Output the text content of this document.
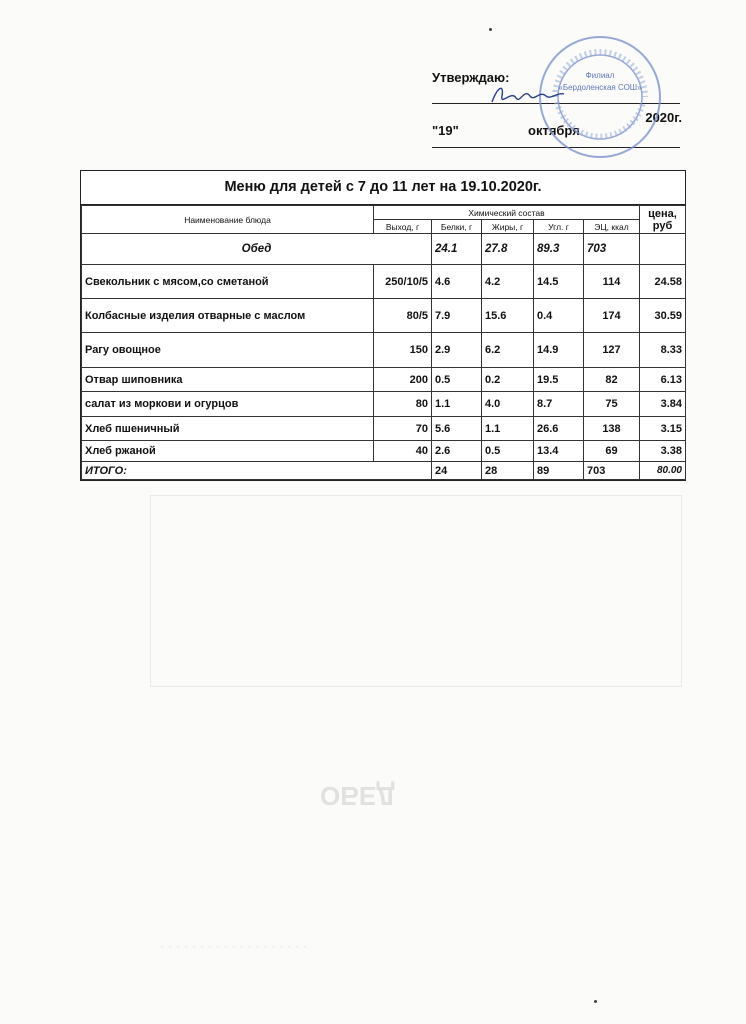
ОБЕД
· · · · · · · · · · · · · · · · · · ·
Утверждаю:
"19"	октября
2020г.
Филиал
«Бердоленская СОШ»
Меню для детей с 7 до 11 лет на 19.10.2020г.
Наименование блюда	Химический состав					цена, руб
	Выход, г	Белки, г	Жиры, г	Угл. г	ЭЦ, ккал	
Обед		24.1	27.8	89.3	703	
Свекольник с мясом,со сметаной	250/10/5	4.6	4.2	14.5	114	24.58
Колбасные изделия отварные с маслом	80/5	7.9	15.6	0.4	174	30.59
Рагу овощное	150	2.9	6.2	14.9	127	8.33
Отвар шиповника	200	0.5	0.2	19.5	82	6.13
салат из моркови и огурцов	80	1.1	4.0	8.7	75	3.84
Хлеб пшеничный	70	5.6	1.1	26.6	138	3.15
Хлеб ржаной	40	2.6	0.5	13.4	69	3.38
ИТОГО:		24	28	89	703	80.00
